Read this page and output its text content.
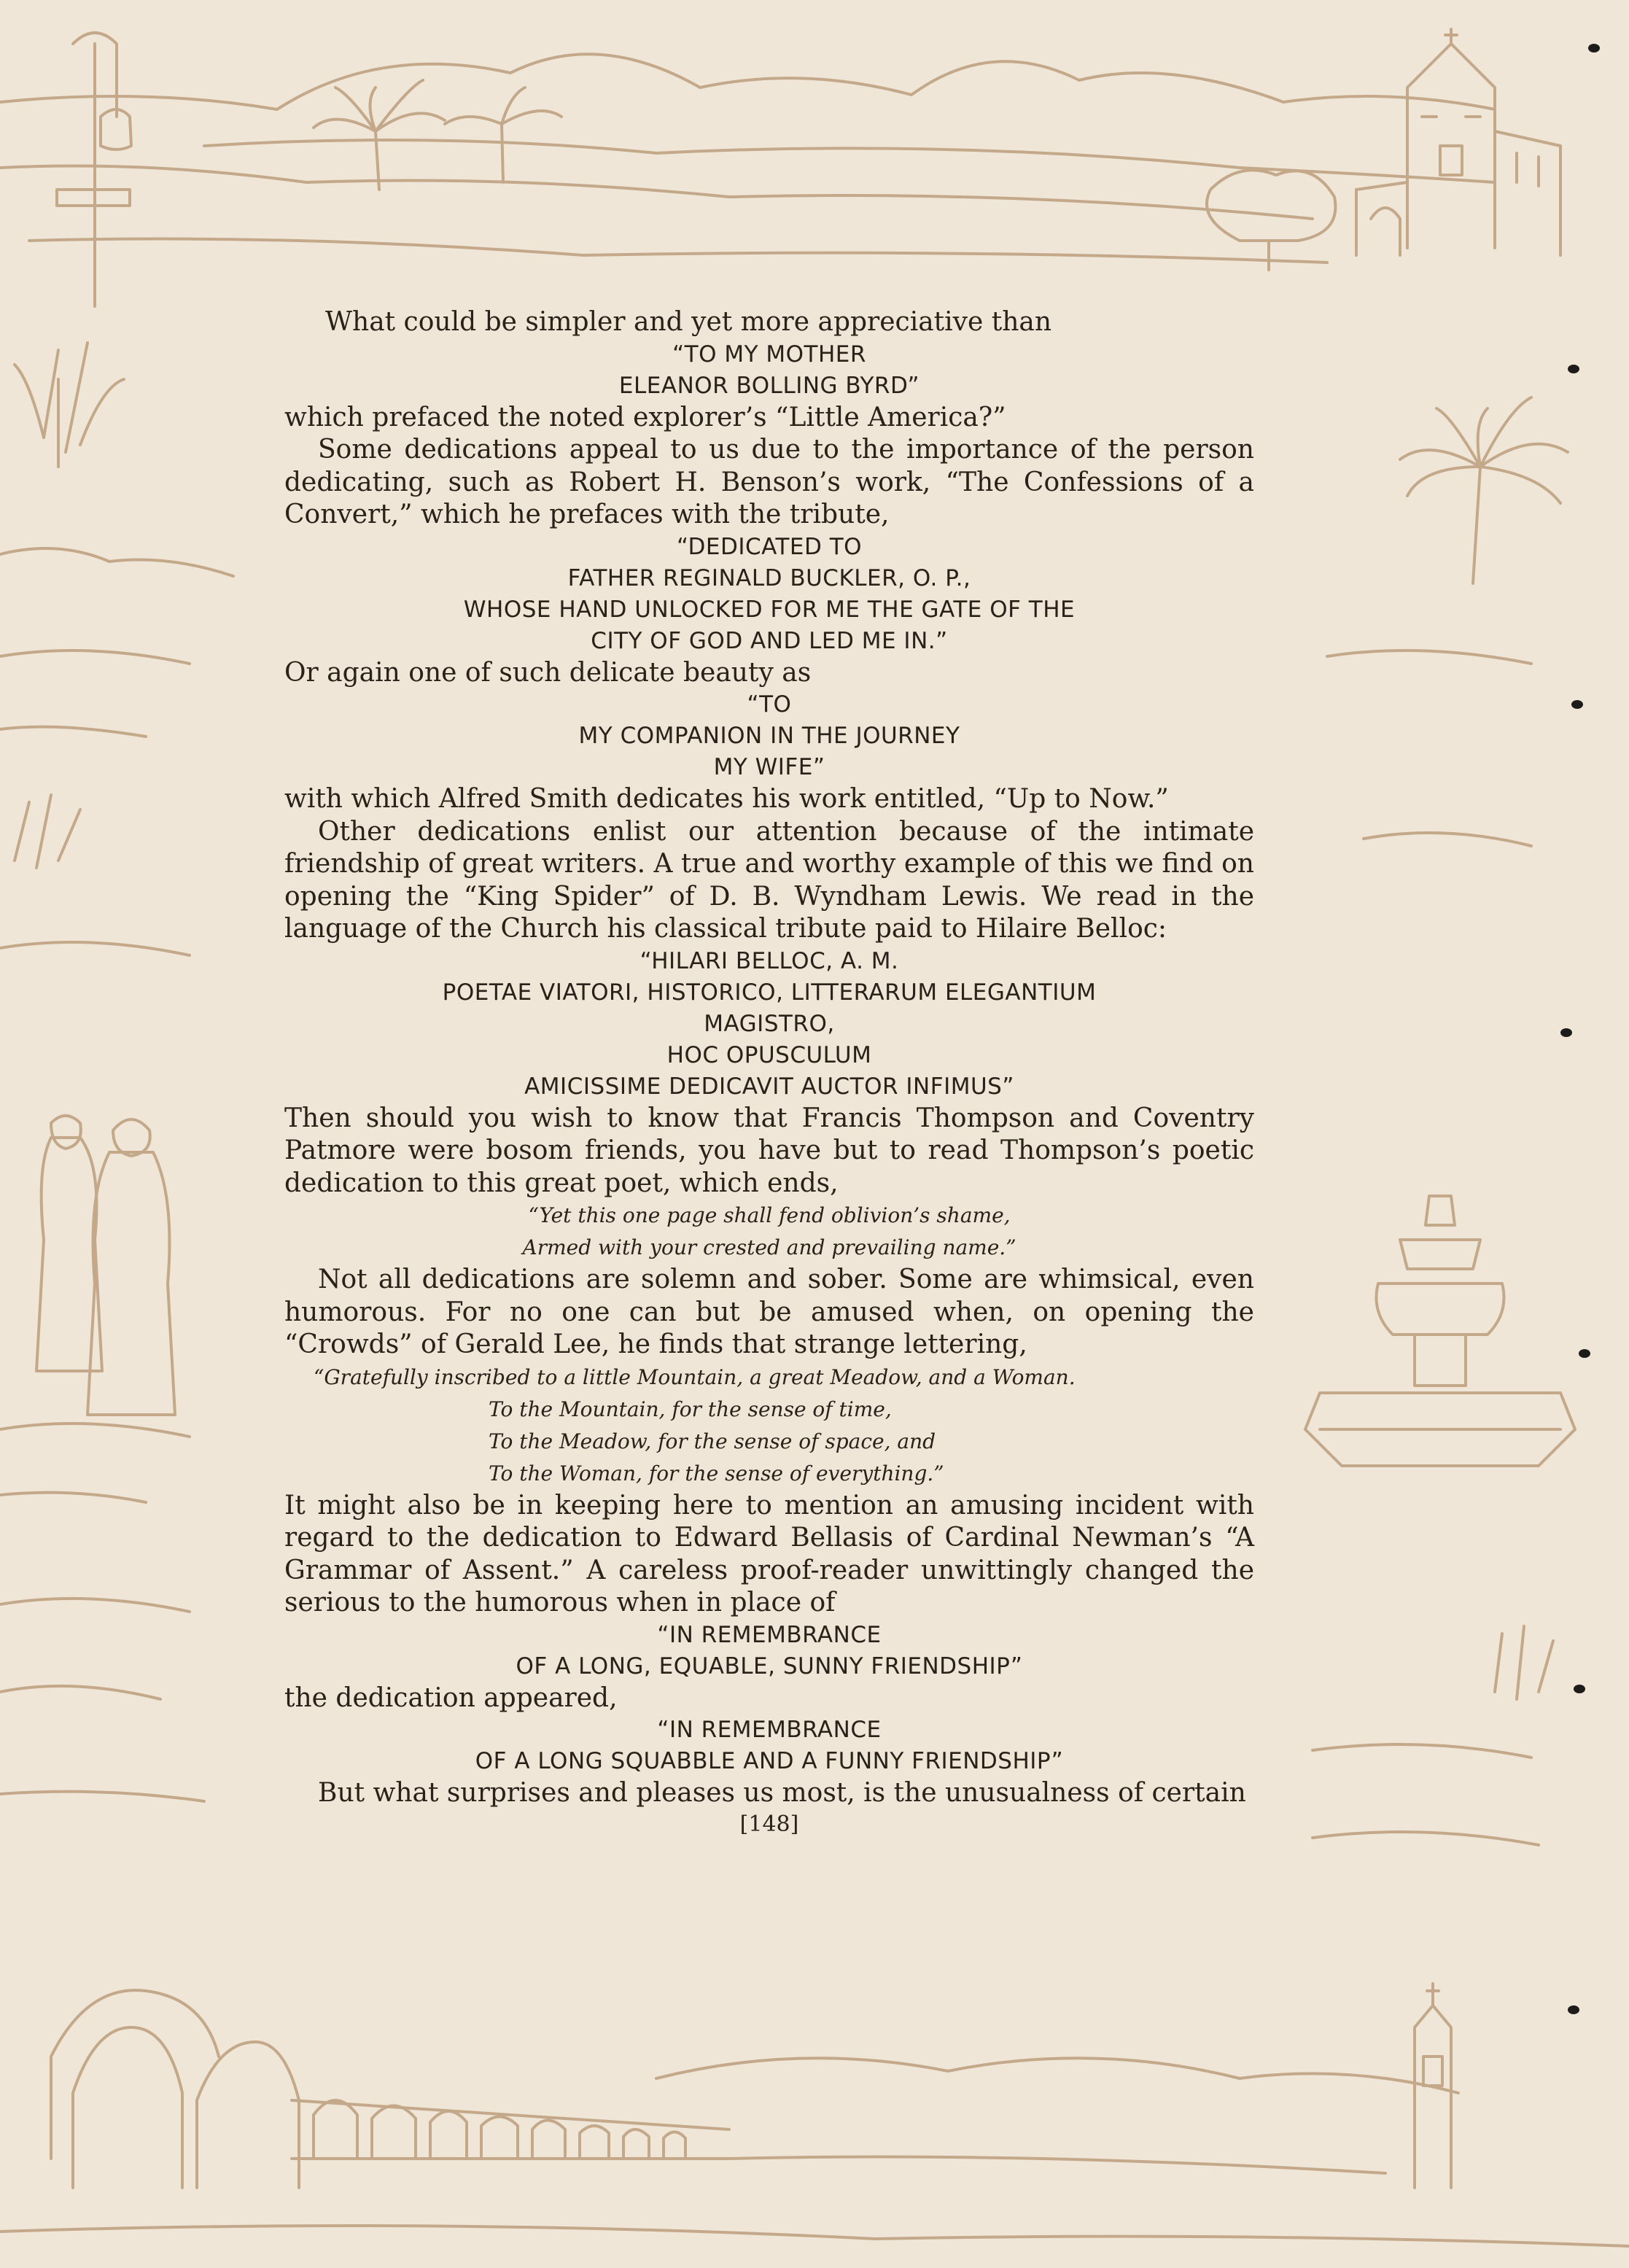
What could be simpler and yet more appreciative than

“TO MY MOTHER

ELEANOR BOLLING BYRD”

which prefaced the noted explorer’s “Little America?”

Some dedications appeal to us due to the importance of the person dedicating, such as Robert H. Benson’s work, “The Confessions of a Convert,” which he prefaces with the tribute,

“DEDICATED TO

FATHER REGINALD BUCKLER, O. P.,

WHOSE HAND UNLOCKED FOR ME THE GATE OF THE

CITY OF GOD AND LED ME IN.”

Or again one of such delicate beauty as

“TO

MY COMPANION IN THE JOURNEY

MY WIFE”

with which Alfred Smith dedicates his work entitled, “Up to Now.”

Other dedications enlist our attention because of the intimate friendship of great writers. A true and worthy example of this we find on opening the “King Spider” of D. B. Wyndham Lewis. We read in the language of the Church his classical tribute paid to Hilaire Belloc:

“HILARI BELLOC, A. M.

POETAE VIATORI, HISTORICO, LITTERARUM ELEGANTIUM

MAGISTRO,

HOC OPUSCULUM

AMICISSIME DEDICAVIT AUCTOR INFIMUS”

Then should you wish to know that Francis Thompson and Coventry Patmore were bosom friends, you have but to read Thompson’s poetic dedication to this great poet, which ends,

“Yet this one page shall fend oblivion’s shame,

Armed with your crested and prevailing name.”

Not all dedications are solemn and sober. Some are whimsical, even humorous. For no one can but be amused when, on opening the “Crowds” of Gerald Lee, he finds that strange lettering,

“Gratefully inscribed to a little Mountain, a great Meadow, and a Woman.

To the Mountain, for the sense of time,

To the Meadow, for the sense of space, and

To the Woman, for the sense of everything.”

It might also be in keeping here to mention an amusing incident with regard to the dedication to Edward Bellasis of Cardinal Newman’s “A Grammar of Assent.” A careless proof-reader unwittingly changed the serious to the humorous when in place of

“IN REMEMBRANCE

OF A LONG, EQUABLE, SUNNY FRIENDSHIP”

the dedication appeared,

“IN REMEMBRANCE

OF A LONG SQUABBLE AND A FUNNY FRIENDSHIP”

But what surprises and pleases us most, is the unusualness of certain

[148]
